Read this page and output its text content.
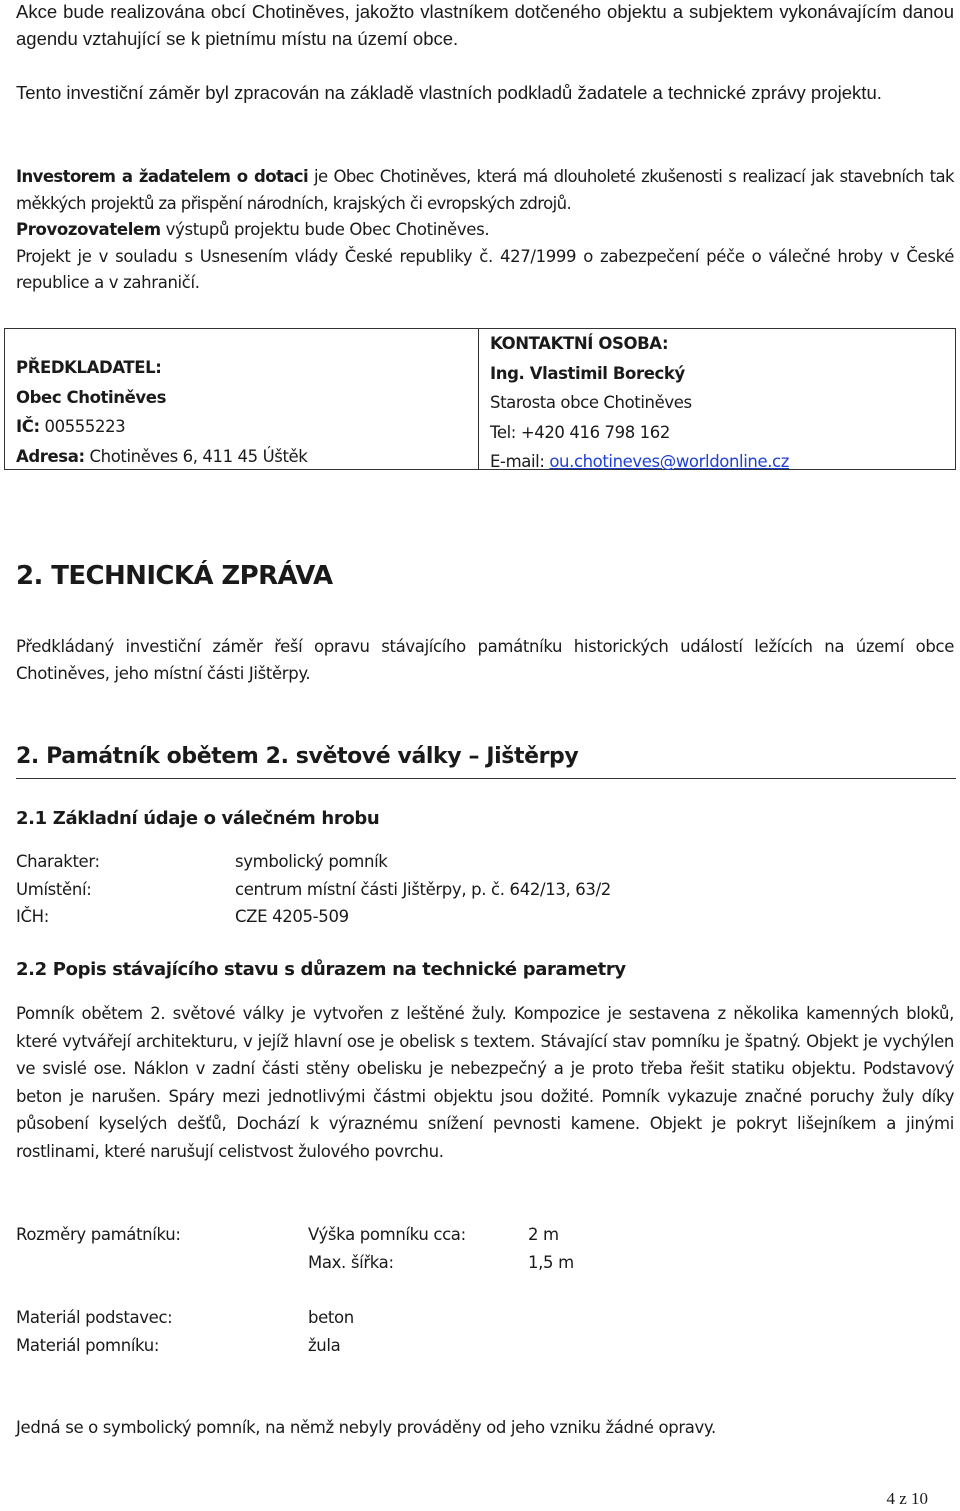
Akce bude realizována obcí Chotiněves, jakožto vlastníkem dotčeného objektu a subjektem vykonávajícím danou agendu vztahující se k pietnímu místu na území obce.

Tento investiční záměr byl zpracován na základě vlastních podkladů žadatele a technické zprávy projektu.

Investorem a žadatelem o dotaci je Obec Chotiněves, která má dlouholeté zkušenosti s realizací jak stavebních tak měkkých projektů za přispění národních, krajských či evropských zdrojů.

Provozovatelem výstupů projektu bude Obec Chotiněves.

Projekt je v souladu s Usnesením vlády České republiky č. 427/1999 o zabezpečení péče o válečné hroby v České republice a v zahraničí.

PŘEDKLADATEL:
Obec Chotiněves
IČ: 00555223
Adresa: Chotiněves 6, 411 45 Úštěk
KONTAKTNÍ OSOBA:
Ing. Vlastimil Borecký
Starosta obce Chotiněves
Tel: +420 416 798 162
E-mail: ou.chotineves@worldonline.cz
2. TECHNICKÁ ZPRÁVA

Předkládaný investiční záměr řeší opravu stávajícího památníku historických událostí ležících na území obce Chotiněves, jeho místní části Jištěrpy.

2. Památník obětem 2. světové války – Jištěrpy
2.1 Základní údaje o válečném hrobu
Charakter:	symbolický pomník
Umístění:	centrum místní části Jištěrpy, p. č. 642/13, 63/2
IČH:	CZE 4205-509
2.2 Popis stávajícího stavu s důrazem na technické parametry

Pomník obětem 2. světové války je vytvořen z leštěné žuly. Kompozice je sestavena z několika kamenných bloků, které vytvářejí architekturu, v jejíž hlavní ose je obelisk s textem. Stávající stav pomníku je špatný. Objekt je vychýlen ve svislé ose. Náklon v zadní části stěny obelisku je nebezpečný a je proto třeba řešit statiku objektu. Podstavový beton je narušen. Spáry mezi jednotlivými částmi objektu jsou dožité. Pomník vykazuje značné poruchy žuly díky působení kyselých dešťů, Dochází k výraznému snížení pevnosti kamene. Objekt je pokryt lišejníkem a jinými rostlinami, které narušují celistvost žulového povrchu.

Rozměry památníku:	Výška pomníku cca:	2 m
Max. šířka:	1,5 m
Materiál podstavec:	beton
Materiál pomníku:	žula
Jedná se o symbolický pomník, na němž nebyly prováděny od jeho vzniku žádné opravy.
4 z 10
